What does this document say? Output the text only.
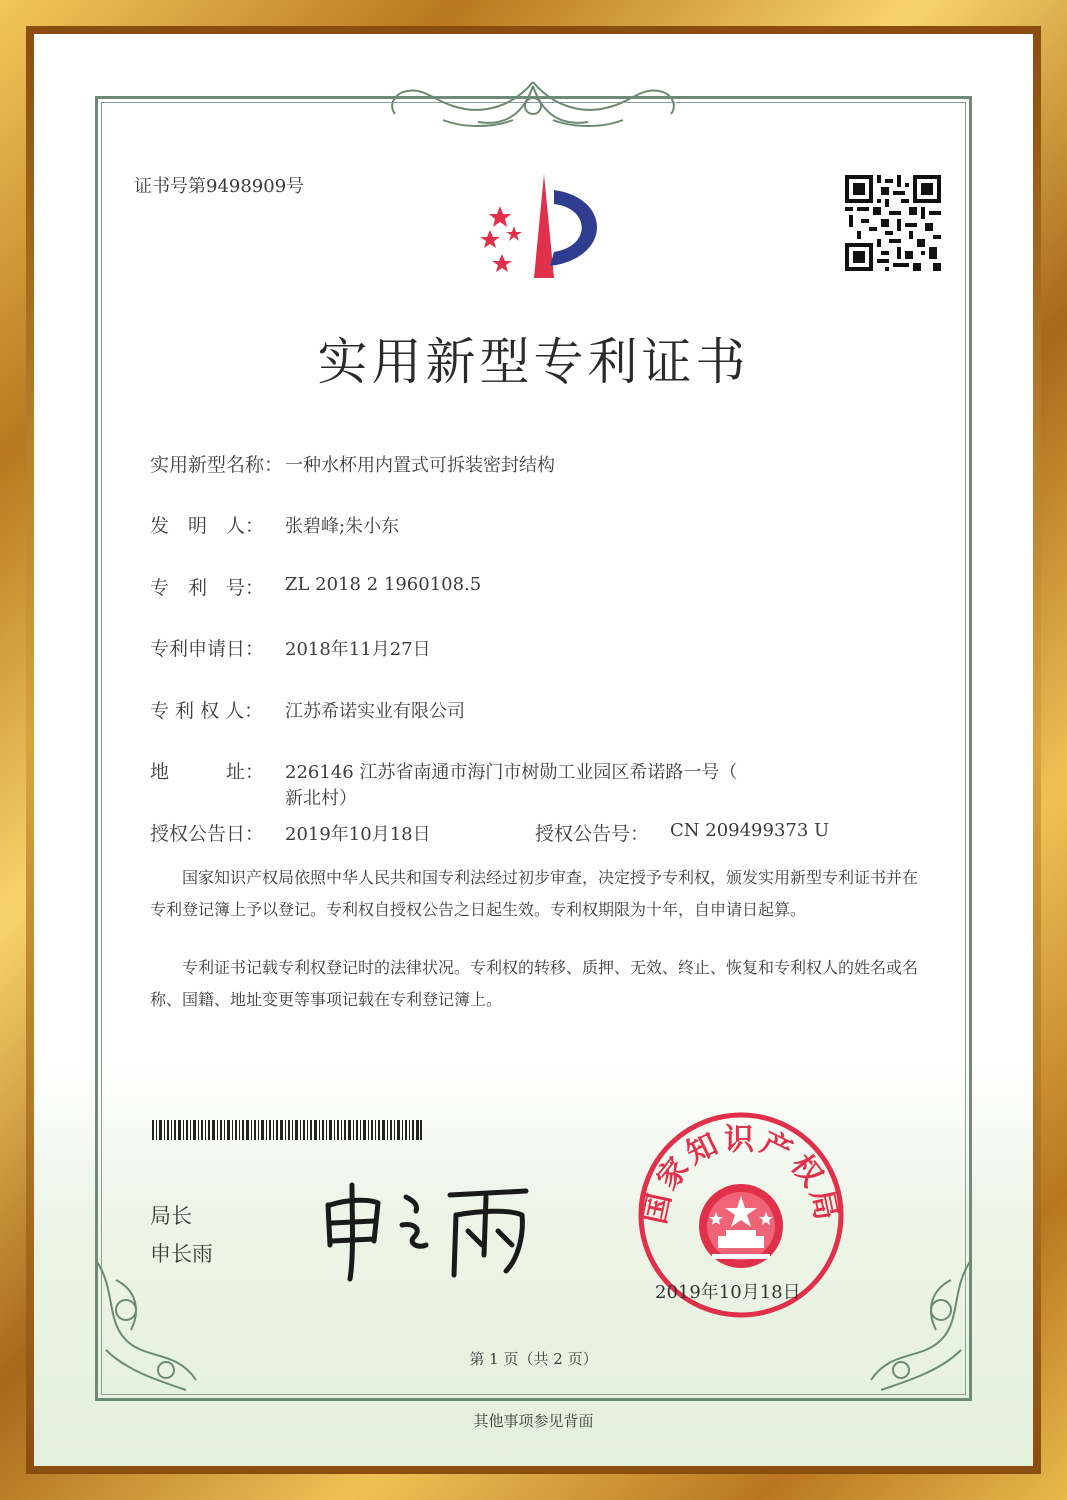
证书号第9498909号
实用新型专利证书
实用新型名称： 一种水杯用内置式可拆装密封结构
发　明　人： 张碧峰;朱小东
专　利　号： ZL 2018 2 1960108.5
专利申请日： 2018年11月27日
专 利 权 人： 江苏希诺实业有限公司
地　　　址： 226146 江苏省南通市海门市树勋工业园区希诺路一号（
新北村）
授权公告日： 2019年10月18日	授权公告号： CN 209499373 U
　　国家知识产权局依照中华人民共和国专利法经过初步审查，决定授予专利权，颁发实用新型专利证书并在专利登记簿上予以登记。专利权自授权公告之日起生效。专利权期限为十年，自申请日起算。
　　专利证书记载专利权登记时的法律状况。专利权的转移、质押、无效、终止、恢复和专利权人的姓名或名称、国籍、地址变更等事项记载在专利登记簿上。
局长
申长雨
国家知识产权局
2019年10月18日
第 1 页（共 2 页）
其他事项参见背面
